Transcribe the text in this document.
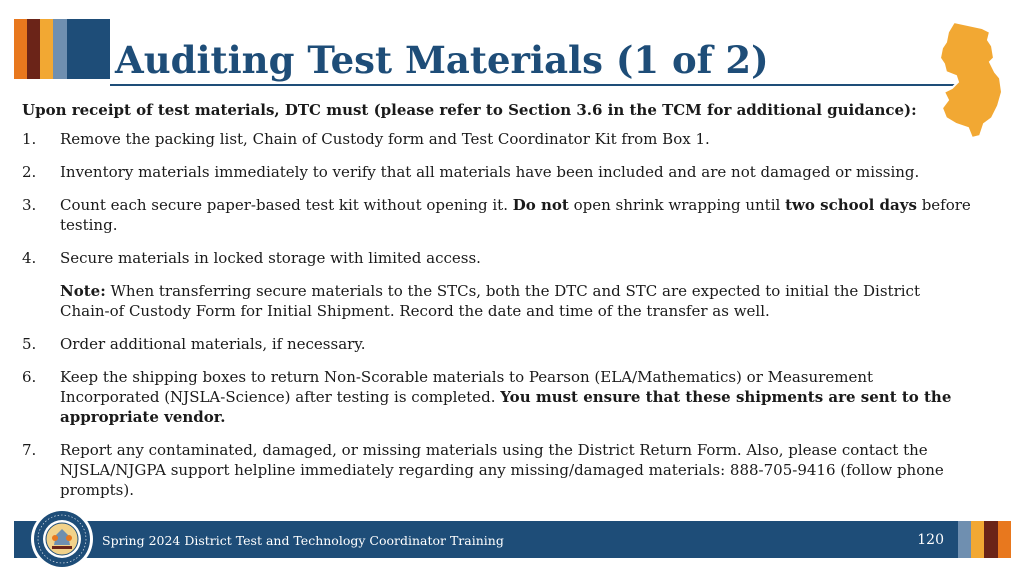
Auditing Test Materials (1 of 2)

Upon receipt of test materials, DTC must (please refer to Section 3.6 in the TCM for additional guidance):

1. Remove the packing list, Chain of Custody form and Test Coordinator Kit from Box 1.
2. Inventory materials immediately to verify that all materials have been included and are not damaged or missing.
3. Count each secure paper-based test kit without opening it. Do not open shrink wrapping until two school days before testing.
4. Secure materials in locked storage with limited access.

Note: When transferring secure materials to the STCs, both the DTC and STC are expected to initial the District Chain-of Custody Form for Initial Shipment. Record the date and time of the transfer as well.

5. Order additional materials, if necessary.
6. Keep the shipping boxes to return Non-Scorable materials to Pearson (ELA/Mathematics) or Measurement Incorporated (NJSLA-Science) after testing is completed. You must ensure that these shipments are sent to the appropriate vendor.
7. Report any contaminated, damaged, or missing materials using the District Return Form. Also, please contact the NJSLA/NJGPA support helpline immediately regarding any missing/damaged materials: 888-705-9416 (follow phone prompts).
Spring 2024 District Test and Technology Coordinator Training	120
